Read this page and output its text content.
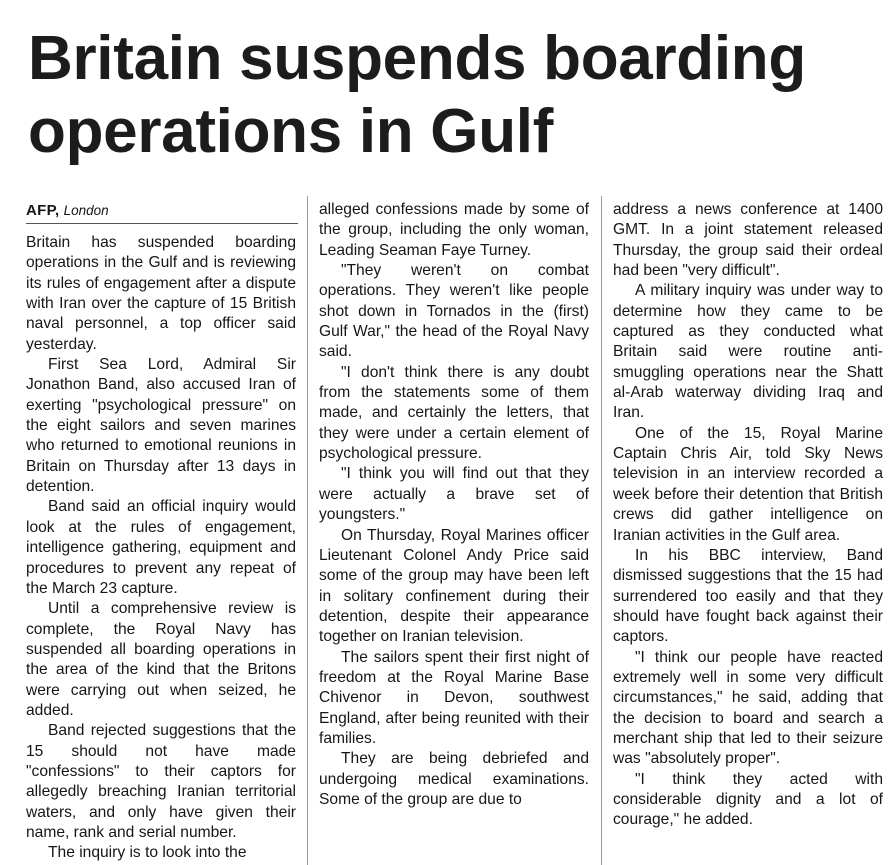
Britain suspends boarding
operations in Gulf
AFP, London

Britain has suspended boarding operations in the Gulf and is reviewing its rules of engagement after a dispute with Iran over the capture of 15 British naval personnel, a top officer said yesterday.

First Sea Lord, Admiral Sir Jonathon Band, also accused Iran of exerting "psychological pressure" on the eight sailors and seven marines who returned to emotional reunions in Britain on Thursday after 13 days in detention.

Band said an official inquiry would look at the rules of engagement, intelligence gathering, equipment and procedures to prevent any repeat of the March 23 capture.

Until a comprehensive review is complete, the Royal Navy has suspended all boarding operations in the area of the kind that the Britons were carrying out when seized, he added.

Band rejected suggestions that the 15 should not have made "confessions" to their captors for allegedly breaching Iranian territorial waters, and only have given their name, rank and serial number.

The inquiry is to look into the

alleged confessions made by some of the group, including the only woman, Leading Seaman Faye Turney.

"They weren't on combat operations. They weren't like people shot down in Tornados in the (first) Gulf War," the head of the Royal Navy said.

"I don't think there is any doubt from the statements some of them made, and certainly the letters, that they were under a certain element of psychological pressure.

"I think you will find out that they were actually a brave set of youngsters."

On Thursday, Royal Marines officer Lieutenant Colonel Andy Price said some of the group may have been left in solitary confinement during their detention, despite their appearance together on Iranian television.

The sailors spent their first night of freedom at the Royal Marine Base Chivenor in Devon, southwest England, after being reunited with their families.

They are being debriefed and undergoing medical examinations. Some of the group are due to

address a news conference at 1400 GMT. In a joint statement released Thursday, the group said their ordeal had been "very difficult".

A military inquiry was under way to determine how they came to be captured as they conducted what Britain said were routine anti-smuggling operations near the Shatt al-Arab waterway dividing Iraq and Iran.

One of the 15, Royal Marine Captain Chris Air, told Sky News television in an interview recorded a week before their detention that British crews did gather intelligence on Iranian activities in the Gulf area.

In his BBC interview, Band dismissed suggestions that the 15 had surrendered too easily and that they should have fought back against their captors.

"I think our people have reacted extremely well in some very difficult circumstances," he said, adding that the decision to board and search a merchant ship that led to their seizure was "absolutely proper".

"I think they acted with considerable dignity and a lot of courage," he added.
